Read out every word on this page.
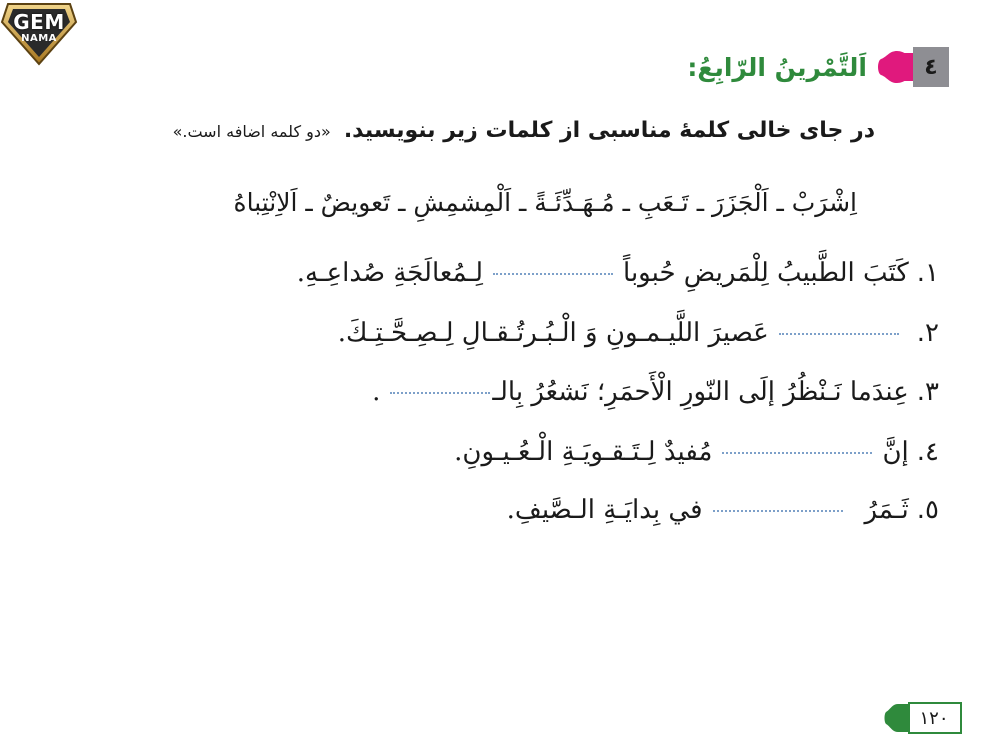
GEM
NAMA
٤
اَلتَّمْرينُ الرّابِعُ:
در جای خالی کلمهٔ مناسبی از کلمات زیر بنویسید. «دو کلمه اضافه است.»
اِشْرَبْ ـ اَلْجَزَرَ ـ تَـعَبِ ـ مُـهَـدِّئَـةً ـ اَلْمِشمِشِ ـ تَعويضٌ ـ اَلاِنْتِباهُ
١.
كَتَبَ الطَّبيبُ لِلْمَريضِ حُبوباً
لِـمُعالَجَةِ صُداعِـهِ.
٢.
عَصيرَ اللَّيـمـونِ وَ الْـبُـرتُـقـالِ لِـصِـحَّـتِـكَ.
٣.
عِندَما نَـنْظُرُ إلَى النّورِ الْأَحمَرِ؛ نَشعُرُ بِالـ
.
٤.
إنَّ
مُفيدٌ لِـتَـقـويَـةِ الْـعُـيـونِ.
٥.
ثَـمَرُ
في بِدايَـةِ الـصَّيفِ.
١٢٠
